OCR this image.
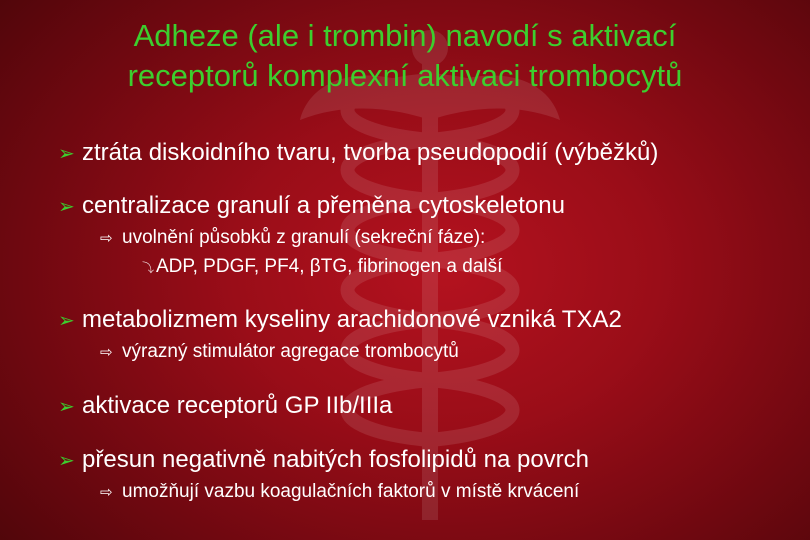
Adheze (ale i trombin) navodí s aktivací
receptorů komplexní aktivaci trombocytů
➢ ztráta diskoidního tvaru, tvorba pseudopodií (výběžků)
➢ centralizace granulí a přeměna cytoskeletonu
⇨ uvolnění působků z granulí (sekreční fáze):
⤵ ADP, PDGF, PF4, βTG, fibrinogen a další
➢ metabolizmem kyseliny arachidonové vzniká TXA2
⇨ výrazný stimulátor agregace trombocytů
➢ aktivace receptorů GP IIb/IIIa
➢ přesun negativně nabitých fosfolipidů na povrch
⇨ umožňují vazbu koagulačních faktorů v místě krvácení
